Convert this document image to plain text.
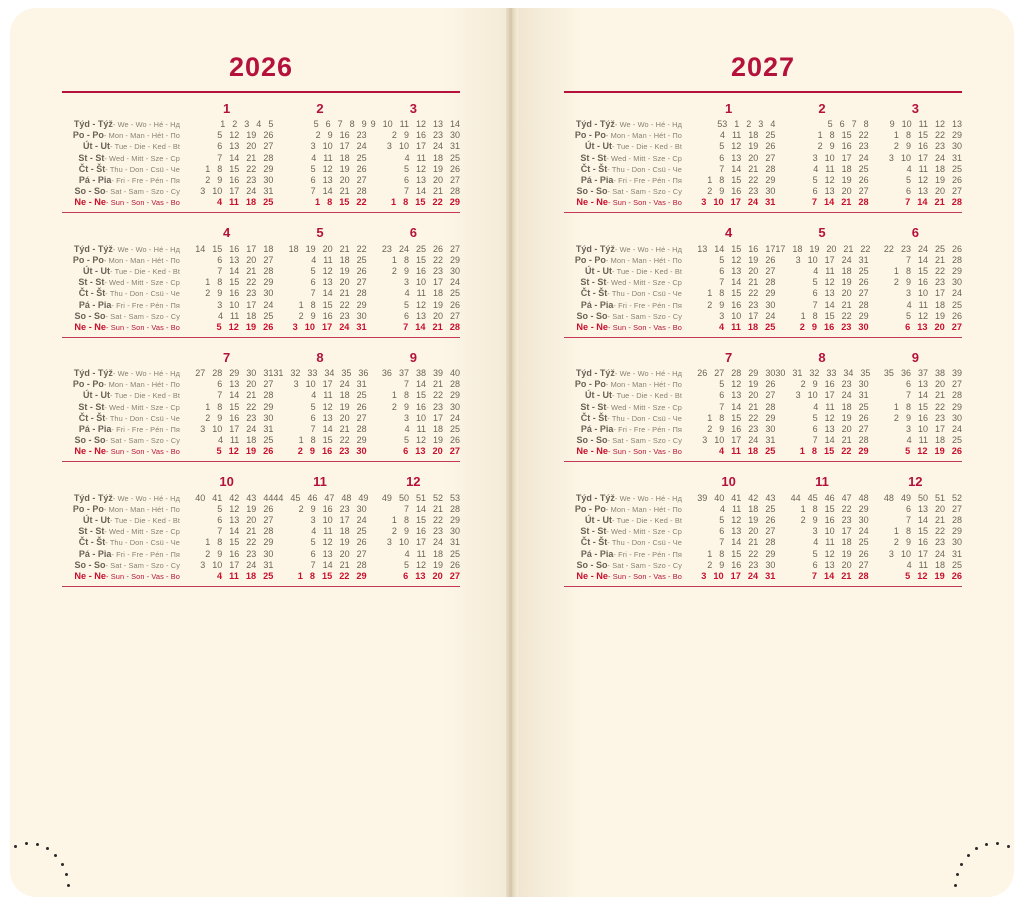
2026
1	2	3
Týd - Týž- We - Wo - Hé - Hд	1 2 3 4 5	5 6 7 8 9	9 10 11 12 13 14
Po - Po- Mon - Man - Hét - Пo	5 12 19 26	2 9 16 23	2 9 16 23 30
Út - Ut- Tue - Die - Ked - Bt	6 13 20 27	3 10 17 24	3 10 17 24 31
St - St- Wed - Mitt - Sze - Cp	7 14 21 28	4 11 18 25	4 11 18 25
Čt - Št- Thu - Don - Csü - Чe	1 8 15 22 29	5 12 19 26	5 12 19 26
Pá - Pia- Fri - Fre - Pén - Пя	2 9 16 23 30	6 13 20 27	6 13 20 27
So - So- Sat - Sam - Szo - Cy	3 10 17 24 31	7 14 21 28	7 14 21 28
Ne - Ne- Sun - Son - Vas - Bo	4 11 18 25	1 8 15 22	1 8 15 22 29
4	5	6
Týd - Týž- We - Wo - Hé - Hд	14 15 16 17 18	18 19 20 21 22	23 24 25 26 27
Po - Po- Mon - Man - Hét - Пo	6 13 20 27	4 11 18 25	1 8 15 22 29
Út - Ut- Tue - Die - Ked - Bt	7 14 21 28	5 12 19 26	2 9 16 23 30
St - St- Wed - Mitt - Sze - Cp	1 8 15 22 29	6 13 20 27	3 10 17 24
Čt - Št- Thu - Don - Csü - Чe	2 9 16 23 30	7 14 21 28	4 11 18 25
Pá - Pia- Fri - Fre - Pén - Пя	3 10 17 24	1 8 15 22 29	5 12 19 26
So - So- Sat - Sam - Szo - Cy	4 11 18 25	2 9 16 23 30	6 13 20 27
Ne - Ne- Sun - Son - Vas - Bo	5 12 19 26	3 10 17 24 31	7 14 21 28
7	8	9
Týd - Týž- We - Wo - Hé - Hд	27 28 29 30 31	31 32 33 34 35 36	36 37 38 39 40
Po - Po- Mon - Man - Hét - Пo	6 13 20 27	3 10 17 24 31	7 14 21 28
Út - Ut- Tue - Die - Ked - Bt	7 14 21 28	4 11 18 25	1 8 15 22 29
St - St- Wed - Mitt - Sze - Cp	1 8 15 22 29	5 12 19 26	2 9 16 23 30
Čt - Št- Thu - Don - Csü - Чe	2 9 16 23 30	6 13 20 27	3 10 17 24
Pá - Pia- Fri - Fre - Pén - Пя	3 10 17 24 31	7 14 21 28	4 11 18 25
So - So- Sat - Sam - Szo - Cy	4 11 18 25	1 8 15 22 29	5 12 19 26
Ne - Ne- Sun - Son - Vas - Bo	5 12 19 26	2 9 16 23 30	6 13 20 27
10	11	12
Týd - Týž- We - Wo - Hé - Hд	40 41 42 43 44	44 45 46 47 48 49	49 50 51 52 53
Po - Po- Mon - Man - Hét - Пo	5 12 19 26	2 9 16 23 30	7 14 21 28
Út - Ut- Tue - Die - Ked - Bt	6 13 20 27	3 10 17 24	1 8 15 22 29
St - St- Wed - Mitt - Sze - Cp	7 14 21 28	4 11 18 25	2 9 16 23 30
Čt - Št- Thu - Don - Csü - Чe	1 8 15 22 29	5 12 19 26	3 10 17 24 31
Pá - Pia- Fri - Fre - Pén - Пя	2 9 16 23 30	6 13 20 27	4 11 18 25
So - So- Sat - Sam - Szo - Cy	3 10 17 24 31	7 14 21 28	5 12 19 26
Ne - Ne- Sun - Son - Vas - Bo	4 11 18 25	1 8 15 22 29	6 13 20 27
2027
1	2	3
Týd - Týž- We - Wo - Hé - Hд	53 1 2 3 4	5 6 7 8	9 10 11 12 13
Po - Po- Mon - Man - Hét - Пo	4 11 18 25	1 8 15 22	1 8 15 22 29
Út - Ut- Tue - Die - Ked - Bt	5 12 19 26	2 9 16 23	2 9 16 23 30
St - St- Wed - Mitt - Sze - Cp	6 13 20 27	3 10 17 24	3 10 17 24 31
Čt - Št- Thu - Don - Csü - Чe	7 14 21 28	4 11 18 25	4 11 18 25
Pá - Pia- Fri - Fre - Pén - Пя	1 8 15 22 29	5 12 19 26	5 12 19 26
So - So- Sat - Sam - Szo - Cy	2 9 16 23 30	6 13 20 27	6 13 20 27
Ne - Ne- Sun - Son - Vas - Bo	3 10 17 24 31	7 14 21 28	7 14 21 28
4	5	6
Týd - Týž- We - Wo - Hé - Hд	13 14 15 16 17	17 18 19 20 21 22	22 23 24 25 26
Po - Po- Mon - Man - Hét - Пo	5 12 19 26	3 10 17 24 31	7 14 21 28
Út - Ut- Tue - Die - Ked - Bt	6 13 20 27	4 11 18 25	1 8 15 22 29
St - St- Wed - Mitt - Sze - Cp	7 14 21 28	5 12 19 26	2 9 16 23 30
Čt - Št- Thu - Don - Csü - Чe	1 8 15 22 29	6 13 20 27	3 10 17 24
Pá - Pia- Fri - Fre - Pén - Пя	2 9 16 23 30	7 14 21 28	4 11 18 25
So - So- Sat - Sam - Szo - Cy	3 10 17 24	1 8 15 22 29	5 12 19 26
Ne - Ne- Sun - Son - Vas - Bo	4 11 18 25	2 9 16 23 30	6 13 20 27
7	8	9
Týd - Týž- We - Wo - Hé - Hд	26 27 28 29 30	30 31 32 33 34 35	35 36 37 38 39
Po - Po- Mon - Man - Hét - Пo	5 12 19 26	2 9 16 23 30	6 13 20 27
Út - Ut- Tue - Die - Ked - Bt	6 13 20 27	3 10 17 24 31	7 14 21 28
St - St- Wed - Mitt - Sze - Cp	7 14 21 28	4 11 18 25	1 8 15 22 29
Čt - Št- Thu - Don - Csü - Чe	1 8 15 22 29	5 12 19 26	2 9 16 23 30
Pá - Pia- Fri - Fre - Pén - Пя	2 9 16 23 30	6 13 20 27	3 10 17 24
So - So- Sat - Sam - Szo - Cy	3 10 17 24 31	7 14 21 28	4 11 18 25
Ne - Ne- Sun - Son - Vas - Bo	4 11 18 25	1 8 15 22 29	5 12 19 26
10	11	12
Týd - Týž- We - Wo - Hé - Hд	39 40 41 42 43	44 45 46 47 48	48 49 50 51 52
Po - Po- Mon - Man - Hét - Пo	4 11 18 25	1 8 15 22 29	6 13 20 27
Út - Ut- Tue - Die - Ked - Bt	5 12 19 26	2 9 16 23 30	7 14 21 28
St - St- Wed - Mitt - Sze - Cp	6 13 20 27	3 10 17 24	1 8 15 22 29
Čt - Št- Thu - Don - Csü - Чe	7 14 21 28	4 11 18 25	2 9 16 23 30
Pá - Pia- Fri - Fre - Pén - Пя	1 8 15 22 29	5 12 19 26	3 10 17 24 31
So - So- Sat - Sam - Szo - Cy	2 9 16 23 30	6 13 20 27	4 11 18 25
Ne - Ne- Sun - Son - Vas - Bo	3 10 17 24 31	7 14 21 28	5 12 19 26
